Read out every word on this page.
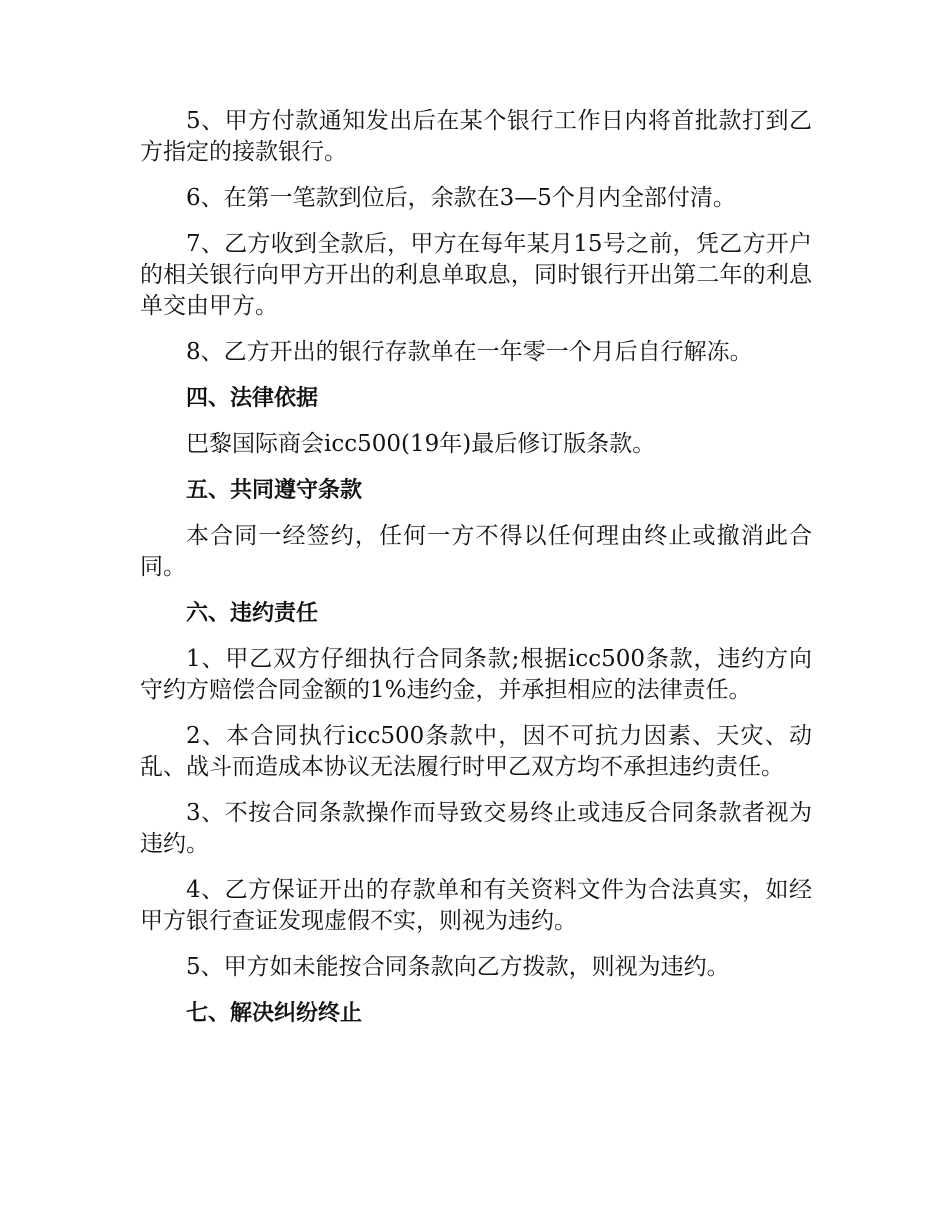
5、甲方付款通知发出后在某个银行工作日内将首批款打到乙方指定的接款银行。

6、在第一笔款到位后，余款在3—5个月内全部付清。

7、乙方收到全款后，甲方在每年某月15号之前，凭乙方开户的相关银行向甲方开出的利息单取息，同时银行开出第二年的利息单交由甲方。

8、乙方开出的银行存款单在一年零一个月后自行解冻。

四、法律依据

巴黎国际商会icc500(19年)最后修订版条款。

五、共同遵守条款

本合同一经签约，任何一方不得以任何理由终止或撤消此合同。

六、违约责任

1、甲乙双方仔细执行合同条款;根据icc500条款，违约方向守约方赔偿合同金额的1%违约金，并承担相应的法律责任。

2、本合同执行icc500条款中，因不可抗力因素、天灾、动乱、战斗而造成本协议无法履行时甲乙双方均不承担违约责任。

3、不按合同条款操作而导致交易终止或违反合同条款者视为违约。

4、乙方保证开出的存款单和有关资料文件为合法真实，如经甲方银行查证发现虚假不实，则视为违约。

5、甲方如未能按合同条款向乙方拨款，则视为违约。

七、解决纠纷终止
